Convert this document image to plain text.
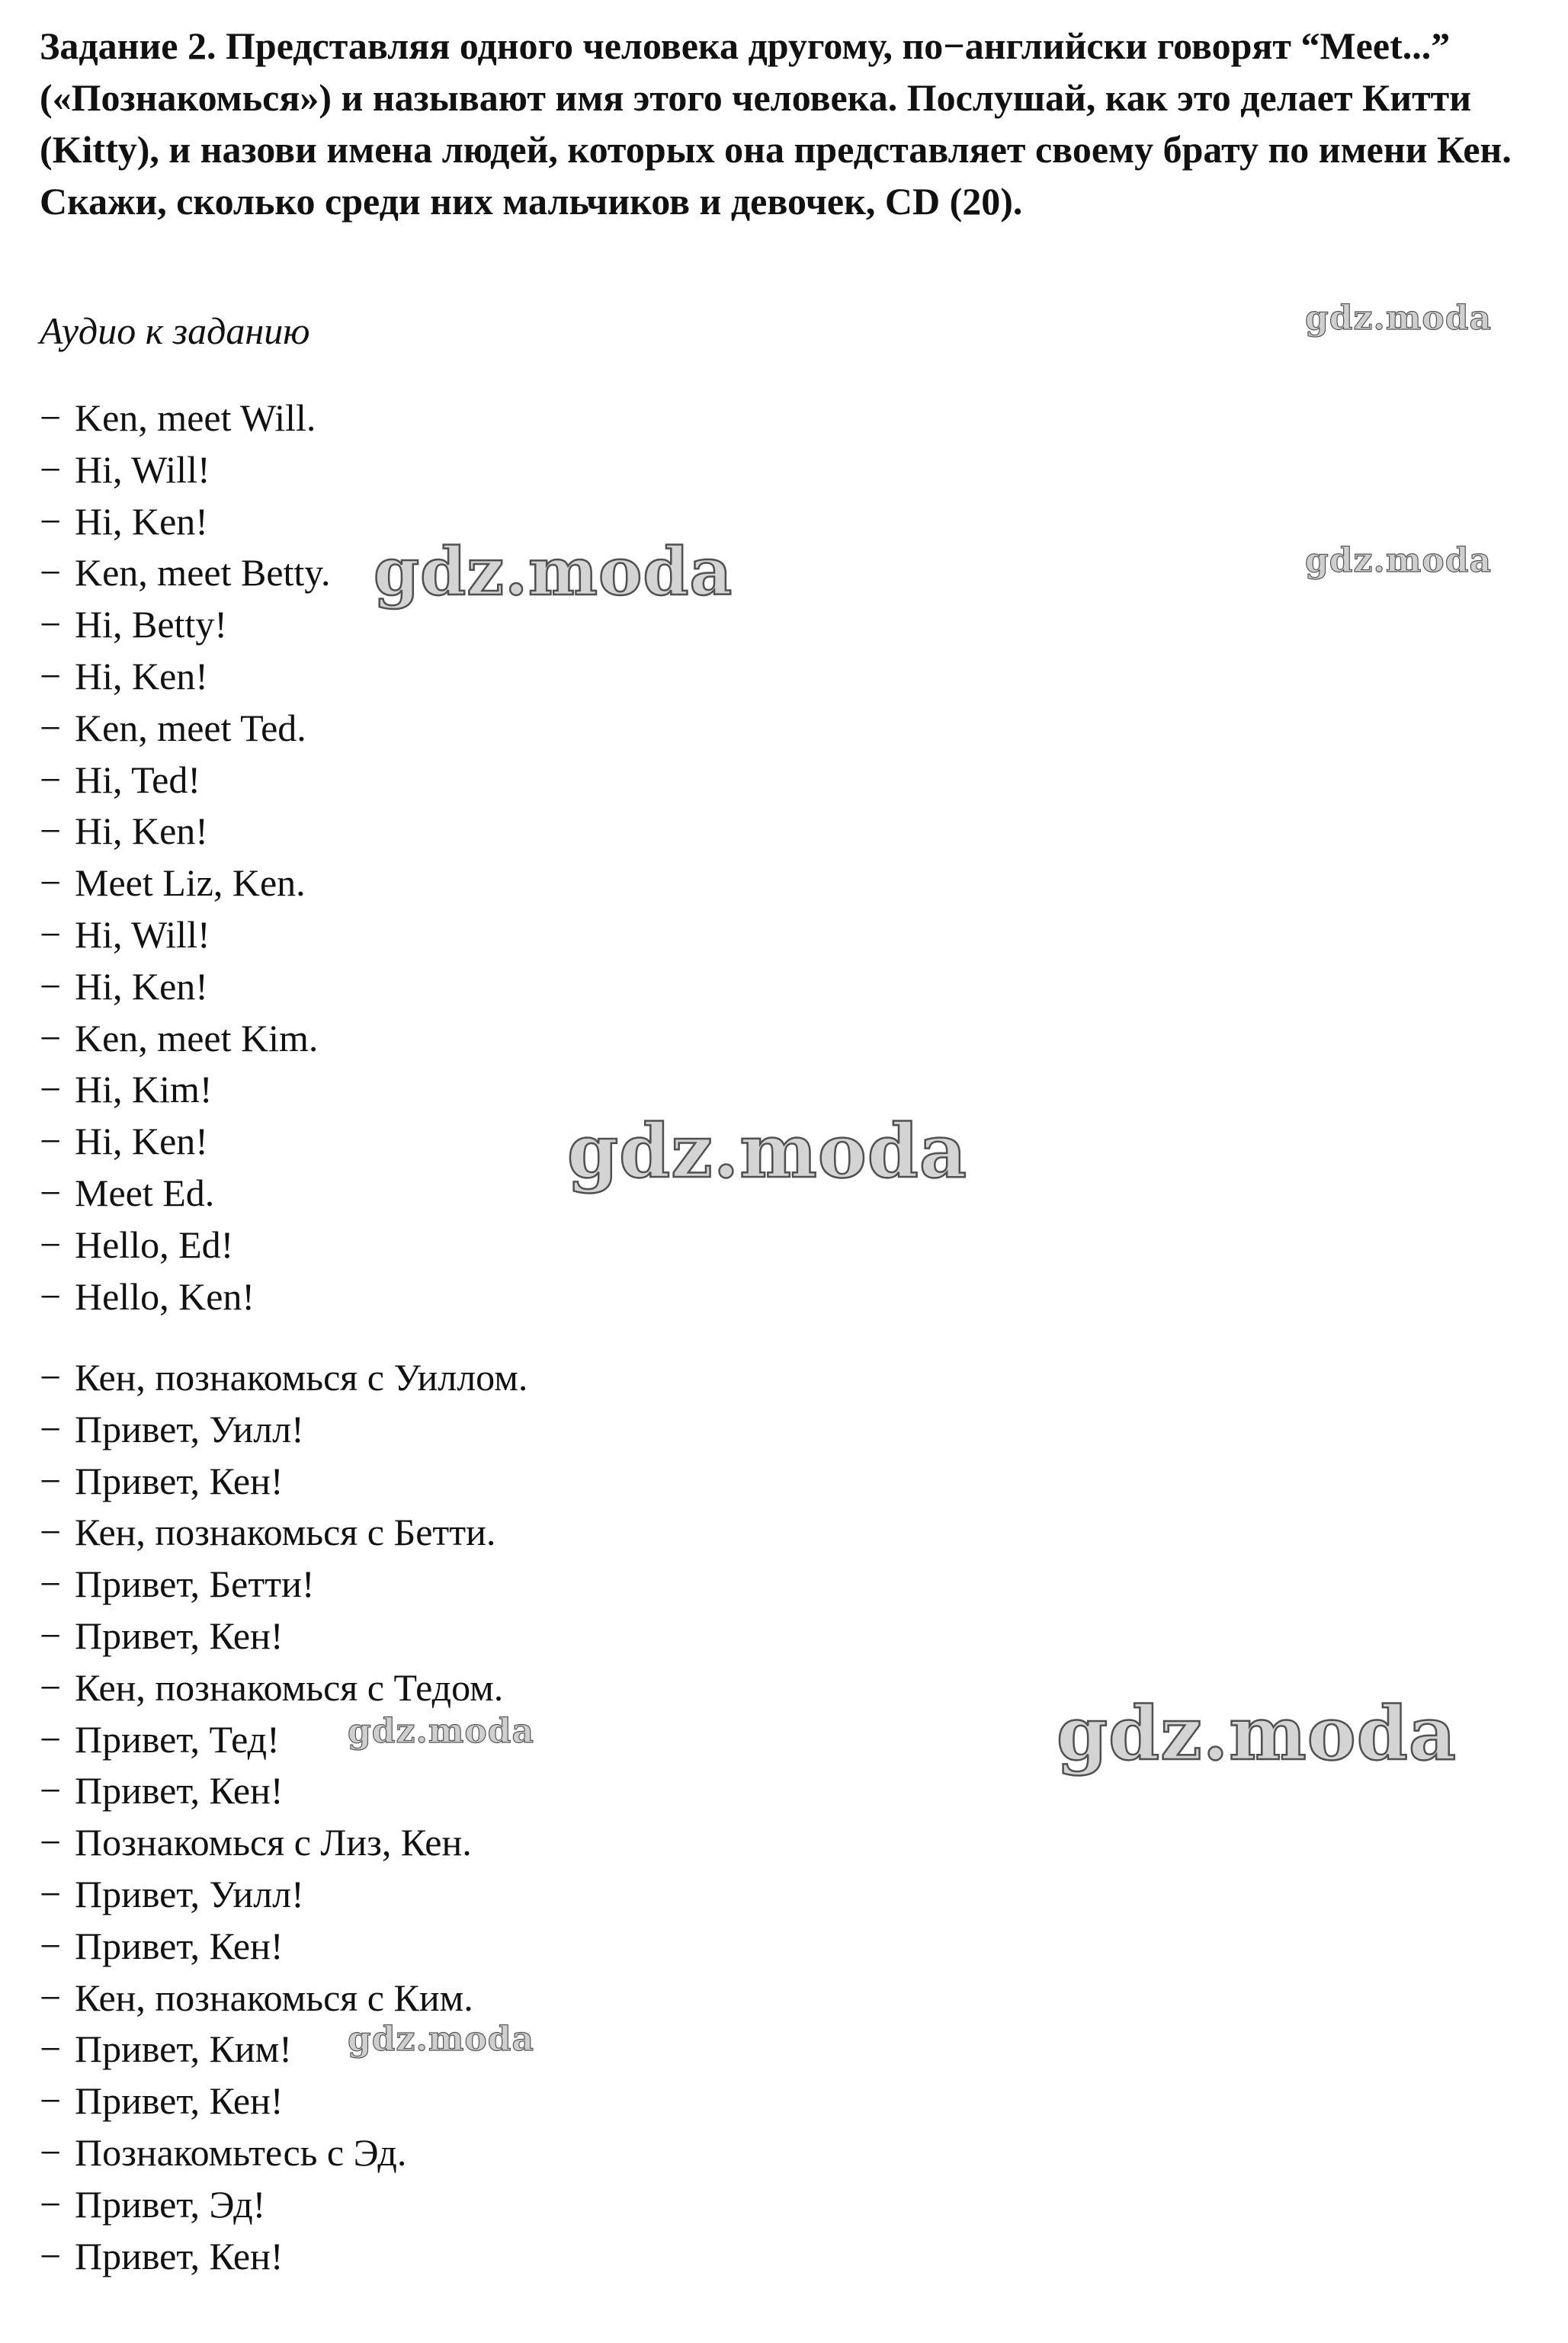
Задание 2. Представляя одного человека другому, по−английски говорят “Meet...” («Познакомься») и называют имя этого человека. Послушай, как это делает Китти (Kitty), и назови имена людей, которых она представляет своему брату по имени Кен. Скажи, сколько среди них мальчиков и девочек, CD (20).
Аудио к заданию
− Ken, meet Will.
− Hi, Will!
− Hi, Ken!
− Ken, meet Betty.
− Hi, Betty!
− Hi, Ken!
− Ken, meet Ted.
− Hi, Ted!
− Hi, Ken!
− Meet Liz, Ken.
− Hi, Will!
− Hi, Ken!
− Ken, meet Kim.
− Hi, Kim!
− Hi, Ken!
− Meet Ed.
− Hello, Ed!
− Hello, Ken!
− Кен, познакомься с Уиллом.
− Привет, Уилл!
− Привет, Кен!
− Кен, познакомься с Бетти.
− Привет, Бетти!
− Привет, Кен!
− Кен, познакомься с Тедом.
− Привет, Тед!
− Привет, Кен!
− Познакомься с Лиз, Кен.
− Привет, Уилл!
− Привет, Кен!
− Кен, познакомься с Ким.
− Привет, Ким!
− Привет, Кен!
− Познакомьтесь с Эд.
− Привет, Эд!
− Привет, Кен!
gdz.moda
gdz.moda
gdz.moda
gdz.moda
gdz.moda	gdz.moda
gdz.moda
